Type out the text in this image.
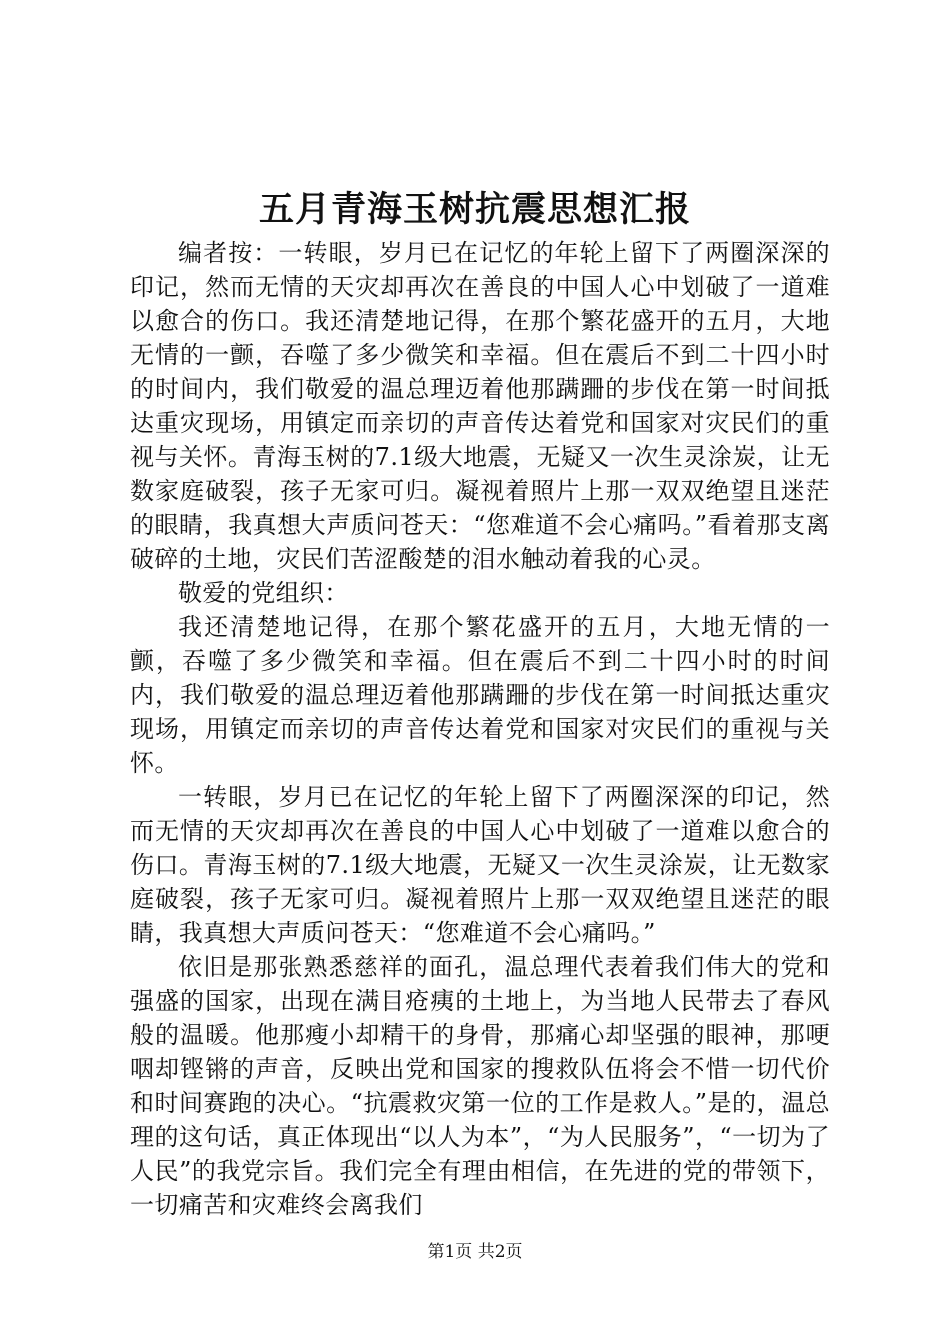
五月青海玉树抗震思想汇报

编者按：一转眼，岁月已在记忆的年轮上留下了两圈深深的印记，然而无情的天灾却再次在善良的中国人心中划破了一道难以愈合的伤口。我还清楚地记得，在那个繁花盛开的五月，大地无情的一颤，吞噬了多少微笑和幸福。但在震后不到二十四小时的时间内，我们敬爱的温总理迈着他那蹒跚的步伐在第一时间抵达重灾现场，用镇定而亲切的声音传达着党和国家对灾民们的重视与关怀。青海玉树的7.1级大地震，无疑又一次生灵涂炭，让无数家庭破裂，孩子无家可归。凝视着照片上那一双双绝望且迷茫的眼睛，我真想大声质问苍天：“您难道不会心痛吗。”看着那支离破碎的土地，灾民们苦涩酸楚的泪水触动着我的心灵。

敬爱的党组织：

我还清楚地记得，在那个繁花盛开的五月，大地无情的一颤，吞噬了多少微笑和幸福。但在震后不到二十四小时的时间内，我们敬爱的温总理迈着他那蹒跚的步伐在第一时间抵达重灾现场，用镇定而亲切的声音传达着党和国家对灾民们的重视与关怀。

一转眼，岁月已在记忆的年轮上留下了两圈深深的印记，然而无情的天灾却再次在善良的中国人心中划破了一道难以愈合的伤口。青海玉树的7.1级大地震，无疑又一次生灵涂炭，让无数家庭破裂，孩子无家可归。凝视着照片上那一双双绝望且迷茫的眼睛，我真想大声质问苍天：“您难道不会心痛吗。”

依旧是那张熟悉慈祥的面孔，温总理代表着我们伟大的党和强盛的国家，出现在满目疮痍的土地上，为当地人民带去了春风般的温暖。他那瘦小却精干的身骨，那痛心却坚强的眼神，那哽咽却铿锵的声音，反映出党和国家的搜救队伍将会不惜一切代价和时间赛跑的决心。“抗震救灾第一位的工作是救人。”是的，温总理的这句话，真正体现出“以人为本”，“为人民服务”，“一切为了人民”的我党宗旨。我们完全有理由相信，在先进的党的带领下，一切痛苦和灾难终会离我们

第1页 共2页
